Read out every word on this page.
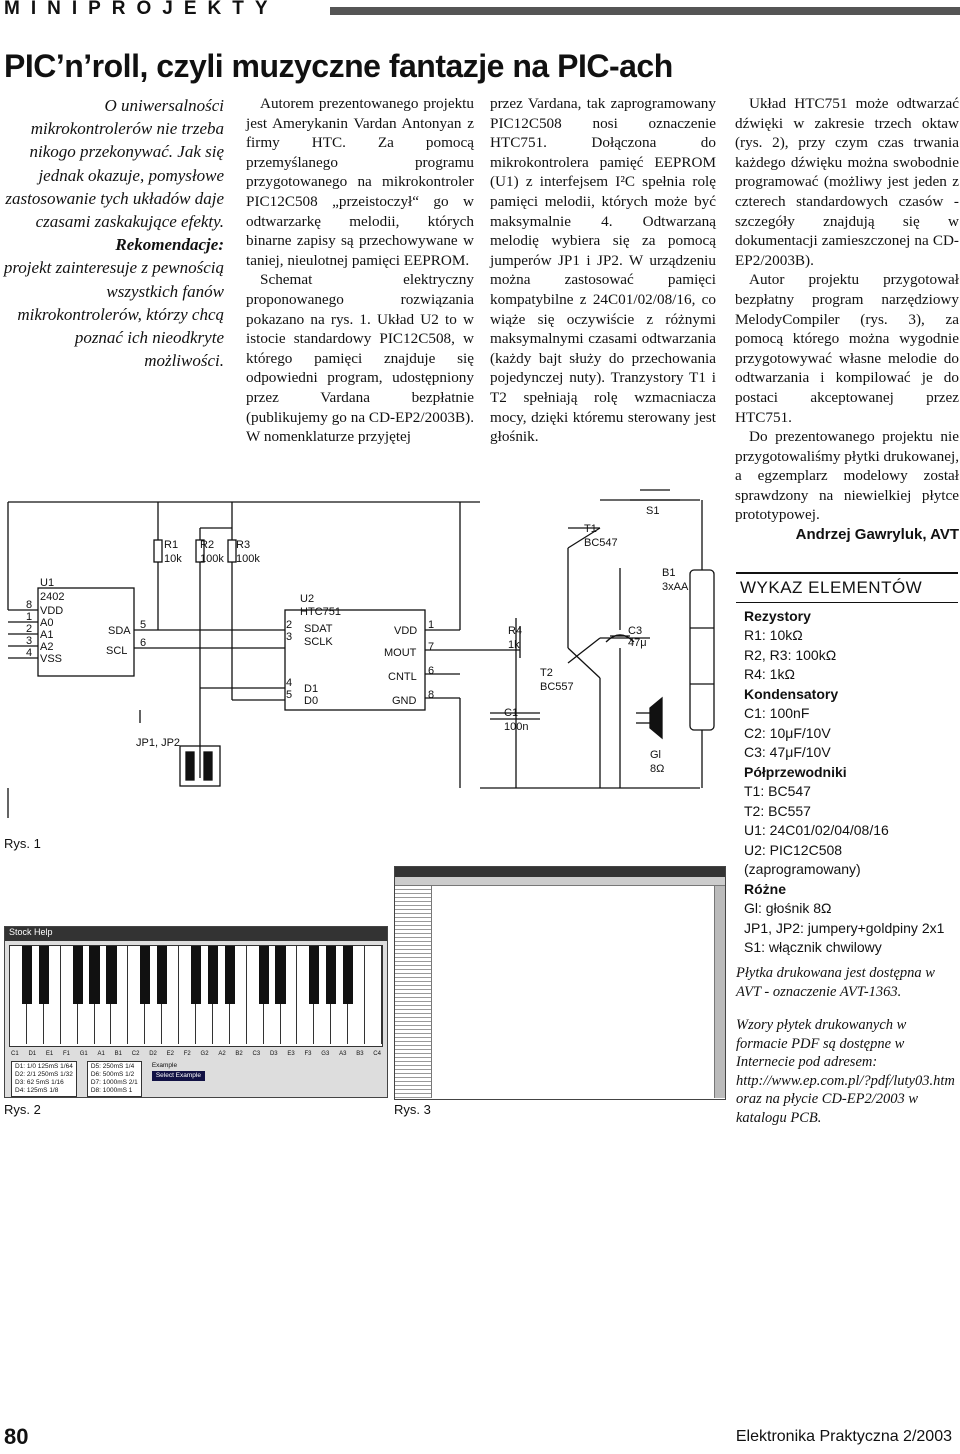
MINIPROJEKTY
PIC’n’roll, czyli muzyczne fantazje na PIC-ach

O uniwersalności mikrokontrolerów nie trzeba nikogo przekonywać. Jak się jednak okazuje, pomysłowe zastosowanie tych układów daje czasami zaskakujące efekty.

Rekomendacje:

projekt zainteresuje z pewnością wszystkich fanów mikrokontrolerów, którzy chcą poznać ich nieodkryte możliwości.

Autorem prezentowanego projektu jest Amerykanin Vardan Antonyan z firmy HTC. Za pomocą przemyślanego programu przygotowanego na mikrokontroler PIC12C508 „przeistoczył“ go w odtwarzarkę melodii, których binarne zapisy są przechowywane w taniej, nieulotnej pamięci EEPROM.

Schemat elektryczny proponowanego rozwiązania pokazano na rys. 1. Układ U2 to w istocie standardowy PIC12C508, w którego pamięci znajduje się odpowiedni program, udostępniony przez Vardana bezpłatnie (publikujemy go na CD-EP2/2003B). W nomenklaturze przyjętej

przez Vardana, tak zaprogramowany PIC12C508 nosi oznaczenie HTC751. Dołączona do mikrokontrolera pamięć EEPROM (U1) z interfejsem I²C spełnia rolę pamięci melodii, których może być maksymalnie 4. Odtwarzaną melodię wybiera się za pomocą jumperów JP1 i JP2. W urządzeniu można zastosować pamięci kompatybilne z 24C01/02/08/16, co wiąże się oczywiście z różnymi maksymalnymi czasami odtwarzania (każdy bajt służy do przechowania pojedynczej nuty). Tranzystory T1 i T2 spełniają rolę wzmacniacza mocy, dzięki któremu sterowany jest głośnik.

Układ HTC751 może odtwarzać dźwięki w zakresie trzech oktaw (rys. 2), przy czym czas trwania każdego dźwięku można swobodnie programować (możliwy jest jeden z czterech standardowych czasów - szczegóły znajdują się w dokumentacji zamieszczonej na CD-EP2/2003B).

Autor projektu przygotował bezpłatny program narzędziowy MelodyCompiler (rys. 3), za pomocą którego można wygodnie przygotowywać własne melodie do odtwarzania i kompilować je do postaci akceptowanej przez HTC751.

Do prezentowanego projektu nie przygotowaliśmy płytki drukowanej, a egzemplarz modelowy został sprawdzony na niewielkiej płytce prototypowej.

Andrzej Gawryluk, AVT
U1
2402
VDD
A0
A1
A2
VSS
SDA
SCL
8
1
2
3
4
5
6
R1
10k
R2
100k
R3
100k
U2
HTC751
SDAT
SCLK
D1
D0
VDD
MOUT
CNTL
GND
2
3
4
5
1
7
6
8
R4
1k
C1
100n
C3
47μ
T1
BC547
T2
BC557
S1
B1
3xAA
Gl
8Ω
JP1, JP2
Rys. 1
Stock Help
C1 D1 E1 F1 G1 A1 B1 C2 D2 E2 F2 G2 A2 B2 C3 D3 E3 F3 G3 A3 B3 C4
D1: 1/0 125mS 1/64
D2: 2/1 250mS 1/32
D3: 62 5mS 1/16
D4: 125mS 1/8
D5: 250mS 1/4
D6: 500mS 1/2
D7: 1000mS 2/1
D8: 1000mS 1
Example
Select Example
Rys. 2	Rys. 3
WYKAZ ELEMENTÓW
Rezystory
R1: 10kΩ
R2, R3: 100kΩ
R4: 1kΩ
Kondensatory
C1: 100nF
C2: 10μF/10V
C3: 47μF/10V
Półprzewodniki
T1: BC547
T2: BC557
U1: 24C01/02/04/08/16
U2: PIC12C508
(zaprogramowany)
Różne
Gl: głośnik 8Ω
JP1, JP2: jumpery+goldpiny 2x1
S1: włącznik chwilowy
Płytka drukowana jest dostępna w AVT - oznaczenie AVT-1363.
Wzory płytek drukowanych w formacie PDF są dostępne w Internecie pod adresem: http://www.ep.com.pl/?pdf/luty03.htm oraz na płycie CD-EP2/2003 w katalogu PCB.
80	Elektronika Praktyczna 2/2003
